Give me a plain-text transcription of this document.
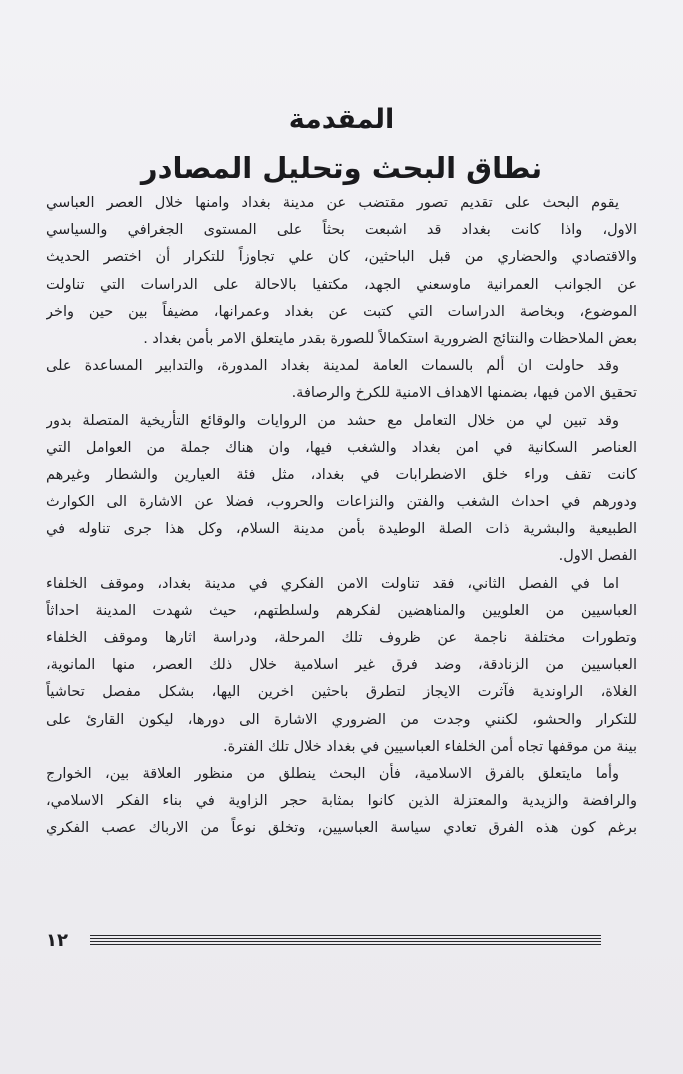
المقدمة
نطاق البحث وتحليل المصادر
يقوم البحث على تقديم تصور مقتضب عن مدينة بغداد وامنها خلال العصر العباسي
الاول، واذا كانت بغداد قد اشبعت بحثاً على المستوى الجغرافي والسياسي
والاقتصادي والحضاري من قبل الباحثين، كان علي تجاوزاً للتكرار أن اختصر الحديث
عن الجوانب العمرانية ماوسعني الجهد، مكتفيا بالاحالة على الدراسات التي تناولت
الموضوع، وبخاصة الدراسات التي كتبت عن بغداد وعمرانها، مضيفاً بين حين واخر
بعض الملاحظات والنتائج الضرورية استكمالاً للصورة بقدر مايتعلق الامر بأمن بغداد .
وقد حاولت ان ألم بالسمات العامة لمدينة بغداد المدورة، والتدابير المساعدة على
تحقيق الامن فيها، بضمنها الاهداف الامنية للكرخ والرصافة.
وقد تبين لي من خلال التعامل مع حشد من الروايات والوقائع التأريخية المتصلة بدور
العناصر السكانية في امن بغداد والشغب فيها، وان هناك جملة من العوامل التي
كانت تقف وراء خلق الاضطرابات في بغداد، مثل فئة العيارين والشطار وغيرهم
ودورهم في احداث الشغب والفتن والنزاعات والحروب، فضلا عن الاشارة الى الكوارث
الطبيعية والبشرية ذات الصلة الوطيدة بأمن مدينة السلام، وكل هذا جرى تناوله في
الفصل الاول.
اما في الفصل الثاني، فقد تناولت الامن الفكري في مدينة بغداد، وموقف الخلفاء
العباسيين من العلويين والمناهضين لفكرهم ولسلطتهم، حيث شهدت المدينة احداثاً
وتطورات مختلفة ناجمة عن ظروف تلك المرحلة، ودراسة اثارها وموقف الخلفاء
العباسيين من الزنادقة، وضد فرق غير اسلامية خلال ذلك العصر، منها المانوية،
الغلاة، الراوندية فآثرت الايجاز لتطرق باحثين اخرين اليها، بشكل مفصل تحاشياً
للتكرار والحشو، لكنني وجدت من الضروري الاشارة الى دورها، ليكون القارئ على
بينة من موقفها تجاه أمن الخلفاء العباسيين في بغداد خلال تلك الفترة.
وأما مايتعلق بالفرق الاسلامية، فأن البحث ينطلق من منظور العلاقة بين، الخوارج
والرافضة والزيدية والمعتزلة الذين كانوا بمثابة حجر الزاوية في بناء الفكر الاسلامي،
برغم كون هذه الفرق تعادي سياسة العباسيين، وتخلق نوعاً من الارباك عصب الفكري
١٢
